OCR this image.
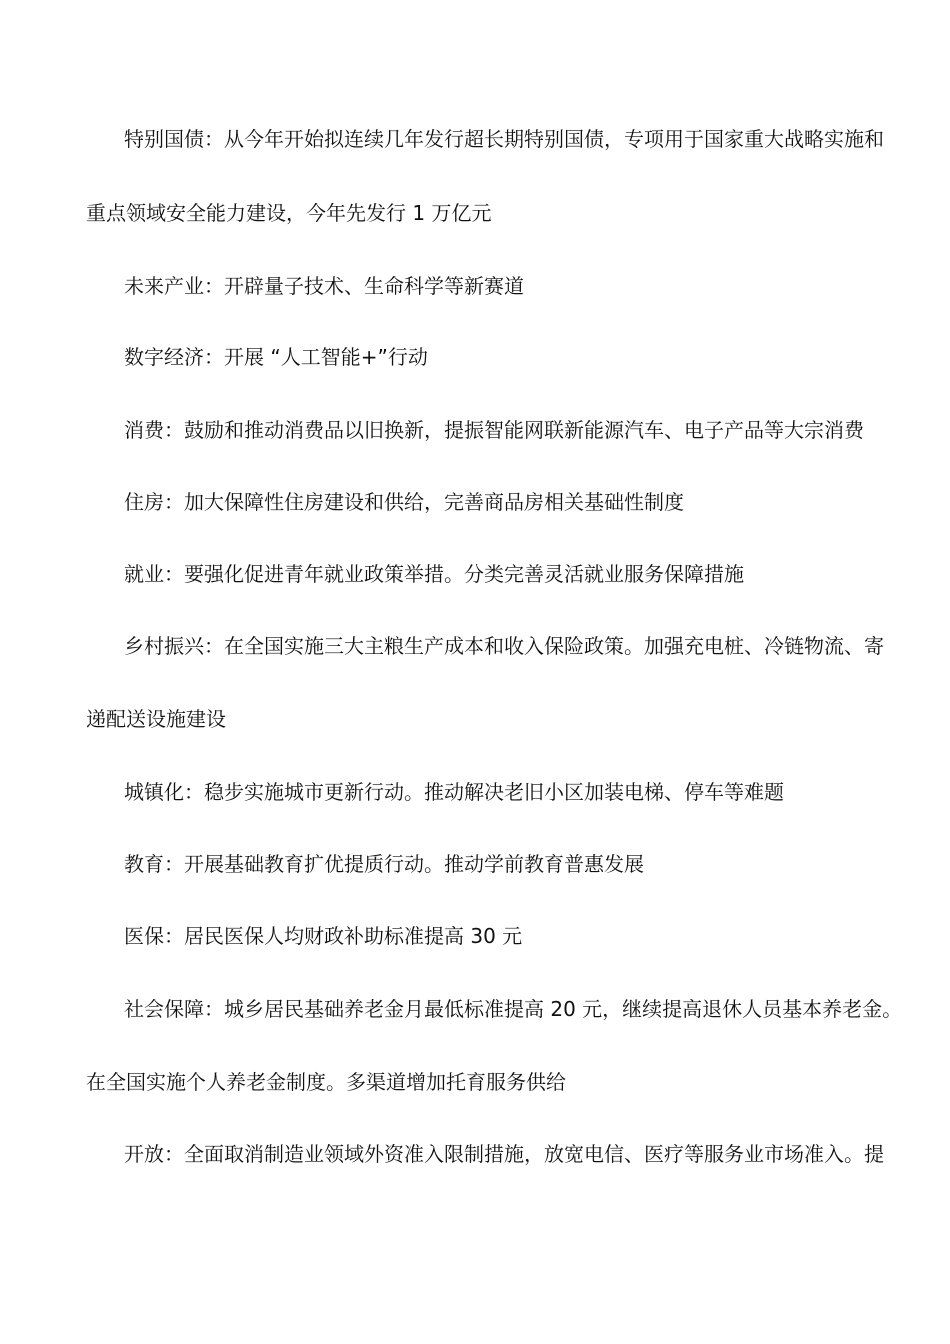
特别国债：从今年开始拟连续几年发行超长期特别国债，专项用于国家重大战略实施和
重点领域安全能力建设，今年先发行 1 万亿元
未来产业：开辟量子技术、生命科学等新赛道
数字经济：开展 “人工智能+”行动
消费：鼓励和推动消费品以旧换新，提振智能网联新能源汽车、电子产品等大宗消费
住房：加大保障性住房建设和供给，完善商品房相关基础性制度
就业：要强化促进青年就业政策举措。分类完善灵活就业服务保障措施
乡村振兴：在全国实施三大主粮生产成本和收入保险政策。加强充电桩、冷链物流、寄
递配送设施建设
城镇化：稳步实施城市更新行动。推动解决老旧小区加装电梯、停车等难题
教育：开展基础教育扩优提质行动。推动学前教育普惠发展
医保：居民医保人均财政补助标准提高 30 元
社会保障：城乡居民基础养老金月最低标准提高 20 元，继续提高退休人员基本养老金。
在全国实施个人养老金制度。多渠道增加托育服务供给
开放：全面取消制造业领域外资准入限制措施，放宽电信、医疗等服务业市场准入。提
